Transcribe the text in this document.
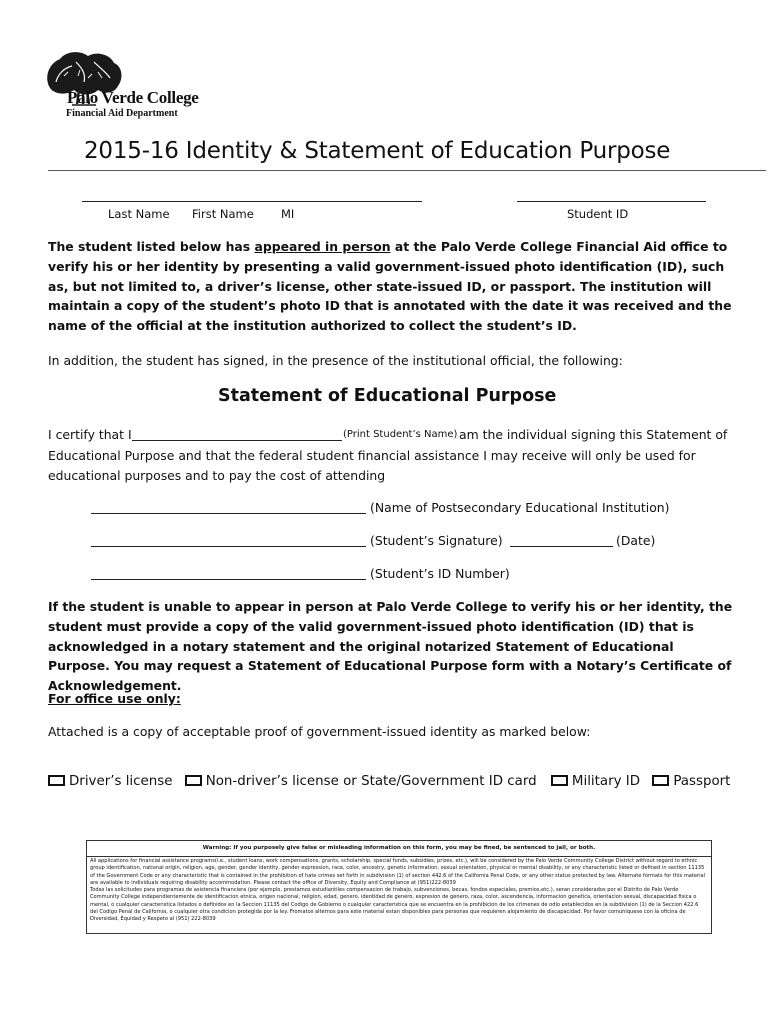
Palo Verde College
Financial Aid Department
2015-16 Identity & Statement of Education Purpose
Last Name First Name MI	Student ID
The student listed below has appeared in person at the Palo Verde College Financial Aid office to verify his or her identity by presenting a valid government-issued photo identification (ID), such as, but not limited to, a driver’s license, other state-issued ID, or passport. The institution will maintain a copy of the student’s photo ID that is annotated with the date it was received and the name of the official at the institution authorized to collect the student’s ID.
In addition, the student has signed, in the presence of the institutional official, the following:
Statement of Educational Purpose
I certify that I	(Print Student’s Name) am the individual signing this Statement of
Educational Purpose and that the federal student financial assistance I may receive will only be used for educational purposes and to pay the cost of attending
(Name of Postsecondary Educational Institution)
(Student’s Signature)	(Date)
(Student’s ID Number)
If the student is unable to appear in person at Palo Verde College to verify his or her identity, the student must provide a copy of the valid government-issued photo identification (ID) that is acknowledged in a notary statement and the original notarized Statement of Educational Purpose. You may request a Statement of Educational Purpose form with a Notary’s Certificate of Acknowledgement.
For office use only:
Attached is a copy of acceptable proof of government-issued identity as marked below:
Driver’s license Non-driver’s license or State/Government ID card	Military ID Passport
Warning: If you purposely give false or misleading information on this form, you may be fined, be sentenced to jail, or both.

All applications for financial assistance programs(i.e., student loans, work compensations, grants, scholarship, special funds, subsidies, prizes, etc.), will be considered by the Palo Verde Community College District without regard to ethnic group identification, national origin, religion, age, gender, gender identity, gender expression, race, color, ancestry, genetic information, sexual orientation, physical or mental disability, or any characteristic listed or defined in section 11135 of the Government Code or any characteristic that is contained in the prohibition of hate crimes set forth in subdivision (1) of section 442.6 of the California Penal Code, or any other status protected by law. Alternate formats for this material are available to individuals requiring disability accommodation. Please contact the office of Diversity, Equity and Compliance at (951)222-8039

Todas las solicitudes para programas de asistencia financiera (por ejemplo, prestamos estudiantiles compensacion de trabajo, subvenciones, becas, fondos especiales, premios,etc.), seran considerados por el Distrito de Palo Verde Community College independientemente de identificacion etnica, origen nacional, religion, edad, genero, identidad de genero, expresion de genero, raza, color, ascendencia, informacion genetica, orientacion sexual, discapacidad fisica o mental, o cualquier caracteristica listados o definidos en la Seccion 11135 del Codigo de Gobierno o cualquier caracteristica que se encuentra en la prohibicion de los crimenes de odio establecidos en la subdivision (1) de la Seccion 422.6 del Codigo Penal de California, o cualquier otra condicion protegida por la ley. Fromatos alternos para este material estan disponibles para personas que requieren alojamiento de discapacidad. Por favor comuniquese con la oficina de Diversidad, Equidad y Respeto al (951) 222-8039
